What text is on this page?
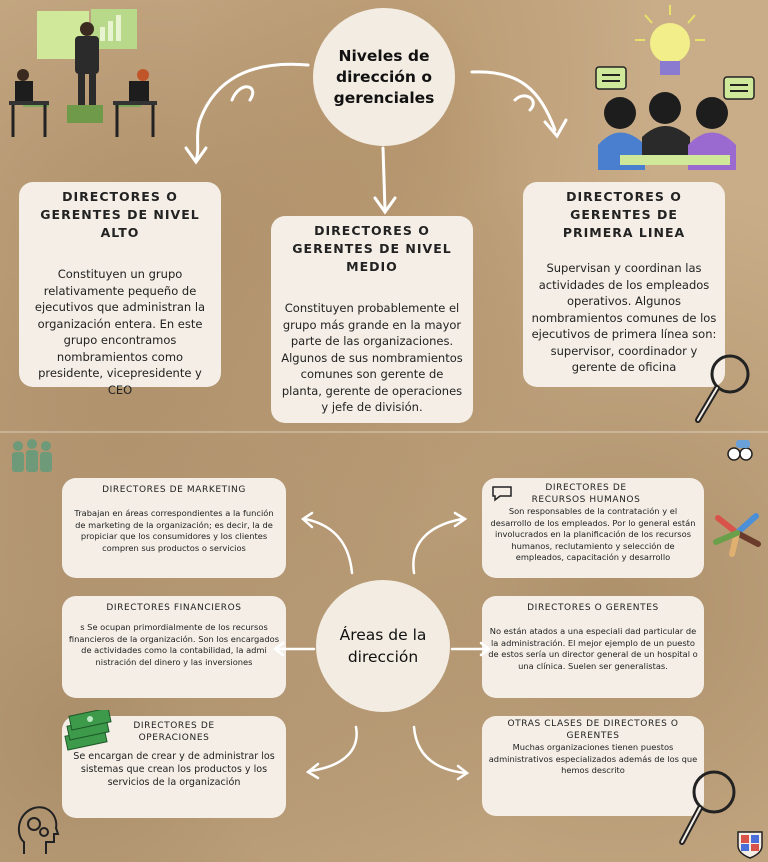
Niveles de dirección o gerenciales
DIRECTORES O GERENTES DE NIVEL ALTO
Constituyen un grupo relativamente pequeño de ejecutivos que administran la organización entera. En este grupo encontramos nombramientos como presidente, vicepresidente y CEO
DIRECTORES O GERENTES DE NIVEL MEDIO
Constituyen probablemente el grupo más grande en la mayor parte de las organizaciones. Algunos de sus nombramientos comunes son gerente de planta, gerente de operaciones y jefe de división.
DIRECTORES O GERENTES DE PRIMERA LINEA
Supervisan y coordinan las actividades de los empleados operativos. Algunos nombramientos comunes de los ejecutivos de primera línea son: supervisor, coordinador y gerente de oficina
Áreas de la dirección
DIRECTORES DE MARKETING
Trabajan en áreas correspondientes a la función de marketing de la organización; es decir, la de propiciar que los consumidores y los clientes compren sus productos o servicios
DIRECTORES DE RECURSOS HUMANOS
Son responsables de la contratación y el desarrollo de los empleados. Por lo general están involucrados en la planificación de los recursos humanos, reclutamiento y selección de empleados, capacitación y desarrollo
DIRECTORES FINANCIEROS
s Se ocupan primordialmente de los recursos financieros de la organización. Son los encargados de actividades como la contabilidad, la admi nistración del dinero y las inversiones
DIRECTORES O GERENTES
No están atados a una especiali dad particular de la administración. El mejor ejemplo de un puesto de estos sería un director general de un hospital o una clínica. Suelen ser generalistas.
DIRECTORES DE OPERACIONES
Se encargan de crear y de administrar los sistemas que crean los productos y los servicios de la organización
OTRAS CLASES DE DIRECTORES O GERENTES
Muchas organizaciones tienen puestos administrativos especializados además de los que hemos descrito
